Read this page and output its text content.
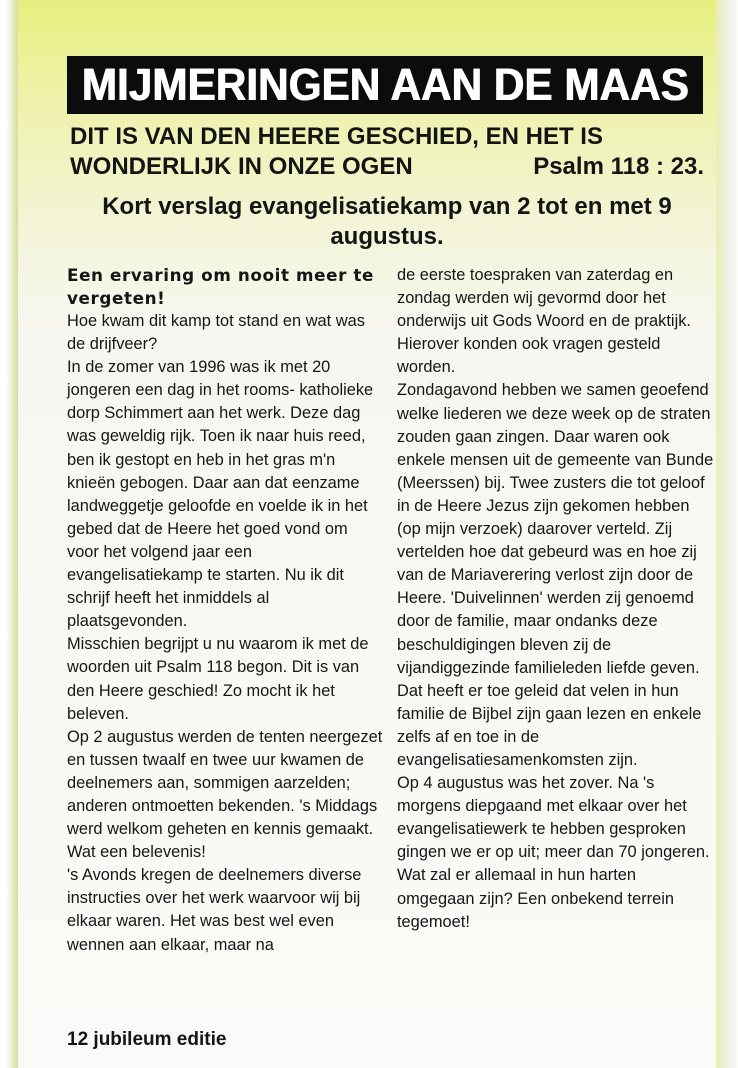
MIJMERINGEN AAN DE MAAS
DIT IS VAN DEN HEERE GESCHIED, EN HET IS
WONDERLIJK IN ONZE OGEN	Psalm 118 : 23.
Kort verslag evangelisatiekamp van 2 tot en met 9 augustus.
Een ervaring om nooit meer te vergeten!

Hoe kwam dit kamp tot stand en wat was de drijfveer?

In de zomer van 1996 was ik met 20 jongeren een dag in het rooms- katholieke dorp Schimmert aan het werk. Deze dag was geweldig rijk. Toen ik naar huis reed, ben ik gestopt en heb in het gras m'n knieën gebogen. Daar aan dat eenzame landweggetje geloofde en voelde ik in het gebed dat de Heere het goed vond om voor het volgend jaar een evangelisatiekamp te starten. Nu ik dit schrijf heeft het inmiddels al plaatsgevonden.

Misschien begrijpt u nu waarom ik met de woorden uit Psalm 118 begon. Dit is van den Heere geschied! Zo mocht ik het beleven.

Op 2 augustus werden de tenten neergezet en tussen twaalf en twee uur kwamen de deelnemers aan, sommigen aarzelden; anderen ontmoetten bekenden. 's Middags werd welkom geheten en kennis gemaakt. Wat een belevenis!

's Avonds kregen de deelnemers diverse instructies over het werk waarvoor wij bij elkaar waren. Het was best wel even wennen aan elkaar, maar na

de eerste toespraken van zaterdag en zondag werden wij gevormd door het onderwijs uit Gods Woord en de praktijk. Hierover konden ook vragen gesteld worden.

Zondagavond hebben we samen geoefend welke liederen we deze week op de straten zouden gaan zingen. Daar waren ook enkele mensen uit de gemeente van Bunde (Meerssen) bij. Twee zusters die tot geloof in de Heere Jezus zijn gekomen hebben (op mijn verzoek) daarover verteld. Zij vertelden hoe dat gebeurd was en hoe zij van de Mariaverering verlost zijn door de Heere. 'Duivelinnen' werden zij genoemd door de familie, maar ondanks deze beschuldigingen bleven zij de vijandiggezinde familieleden liefde geven. Dat heeft er toe geleid dat velen in hun familie de Bijbel zijn gaan lezen en enkele zelfs af en toe in de evangelisatiesamenkomsten zijn.

Op 4 augustus was het zover. Na 's morgens diepgaand met elkaar over het evangelisatiewerk te hebben gesproken gingen we er op uit; meer dan 70 jongeren. Wat zal er allemaal in hun harten omgegaan zijn? Een onbekend terrein tegemoet!

12 jubileum editie
